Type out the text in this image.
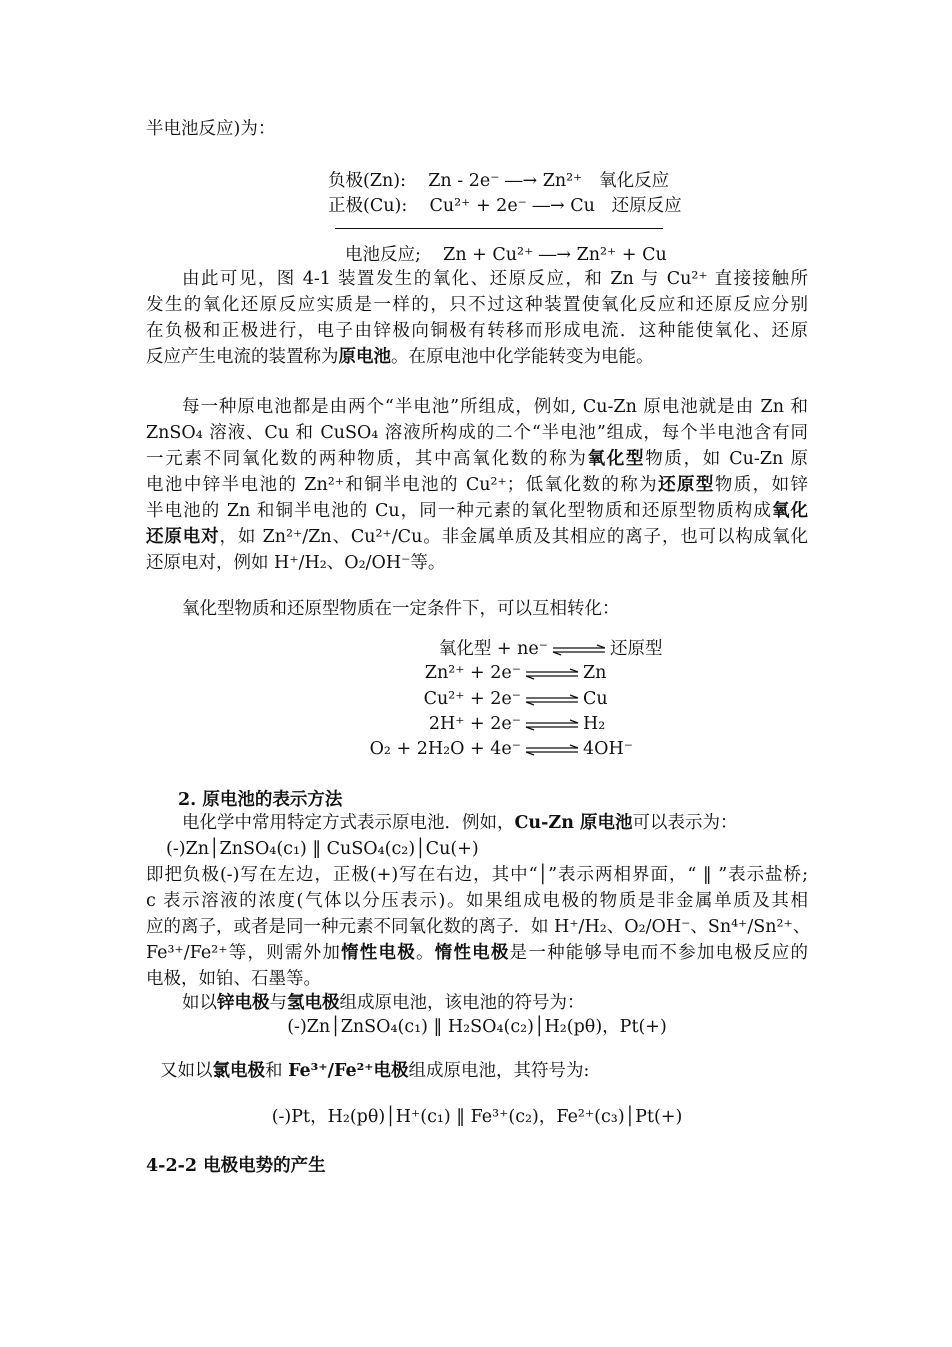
半电池反应)为：
负极(Zn): Zn - 2e⁻ ―→ Zn²⁺ 氧化反应
正极(Cu): Cu²⁺ + 2e⁻ ―→ Cu 还原反应
电池反应; Zn + Cu²⁺ ―→ Zn²⁺ + Cu
由此可见，图 4-1 装置发生的氧化、还原反应，和 Zn 与 Cu²⁺ 直接接触所
发生的氧化还原反应实质是一样的，只不过这种装置使氧化反应和还原反应分别
在负极和正极进行，电子由锌极向铜极有转移而形成电流．这种能使氧化、还原
反应产生电流的装置称为原电池。在原电池中化学能转变为电能。
每一种原电池都是由两个“半电池”所组成，例如, Cu-Zn 原电池就是由 Zn 和
ZnSO₄ 溶液、Cu 和 CuSO₄ 溶液所构成的二个“半电池”组成，每个半电池含有同
一元素不同氧化数的两种物质，其中高氧化数的称为氧化型物质，如 Cu-Zn 原
电池中锌半电池的 Zn²⁺和铜半电池的 Cu²⁺；低氧化数的称为还原型物质，如锌
半电池的 Zn 和铜半电池的 Cu，同一种元素的氧化型物质和还原型物质构成氧化
还原电对，如 Zn²⁺/Zn、Cu²⁺/Cu。非金属单质及其相应的离子，也可以构成氧化
还原电对，例如 H⁺/H₂、O₂/OH⁻等。
氧化型物质和还原型物质在一定条件下，可以互相转化：
氧化型 + ne⁻ ⇌ 还原型
Zn²⁺ + 2e⁻ ⇌ Zn
Cu²⁺ + 2e⁻ ⇌ Cu
2H⁺ + 2e⁻ ⇌ H₂
O₂ + 2H₂O + 4e⁻ ⇌ 4OH⁻
2. 原电池的表示方法
电化学中常用特定方式表示原电池．例如，Cu-Zn 原电池可以表示为：
(-)Zn│ZnSO₄(c₁) ‖ CuSO₄(c₂)│Cu(+)
即把负极(-)写在左边，正极(+)写在右边，其中“│”表示两相界面，“ ‖ ”表示盐桥;
c 表示溶液的浓度(气体以分压表示)。如果组成电极的物质是非金属单质及其相
应的离子，或者是同一种元素不同氧化数的离子．如 H⁺/H₂、O₂/OH⁻、Sn⁴⁺/Sn²⁺、
Fe³⁺/Fe²⁺等，则需外加惰性电极。惰性电极是一种能够导电而不参加电极反应的
电极，如铂、石墨等。
如以锌电极与氢电极组成原电池，该电池的符号为：
(-)Zn│ZnSO₄(c₁) ‖ H₂SO₄(c₂)│H₂(pθ)，Pt(+)
又如以氯电极和 Fe³⁺/Fe²⁺电极组成原电池，其符号为:
(-)Pt，H₂(pθ)│H⁺(c₁) ‖ Fe³⁺(c₂)，Fe²⁺(c₃)│Pt(+)
4-2-2 电极电势的产生
